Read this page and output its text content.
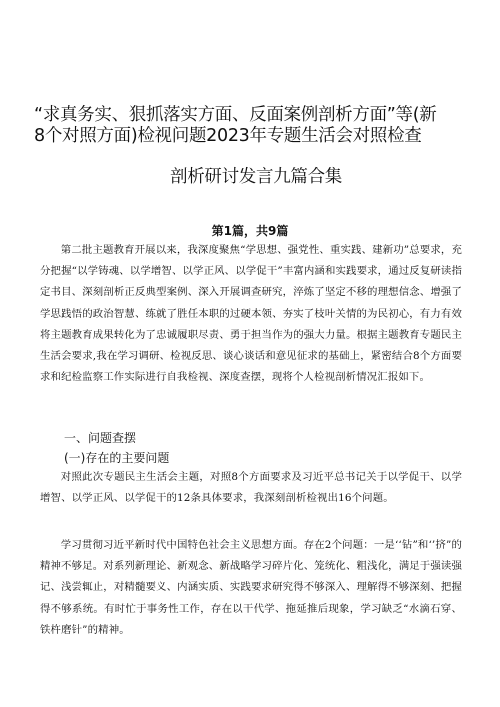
“求真务实、狠抓落实方面、反面案例剖析方面”等(新
8个对照方面)检视问题2023年专题生活会对照检查
剖析研讨发言九篇合集
第1篇，共9篇
第二批主题教育开展以来，我深度聚焦“学思想、强党性、重实践、建新功”总要求，充分把握“以学铸魂、以学增智、以学正风、以学促干”丰富内涵和实践要求，通过反复研读指定书目、深刻剖析正反典型案例、深入开展调查研究，淬炼了坚定不移的理想信念、增强了学思践悟的政治智慧、练就了胜任本职的过硬本领、夯实了枝叶关情的为民初心，有力有效将主题教育成果转化为了忠诚履职尽责、勇于担当作为的强大力量。根据主题教育专题民主生活会要求,我在学习调研、检视反思、谈心谈话和意见征求的基础上，紧密结合8个方面要求和纪检监察工作实际进行自我检视、深度查摆，现将个人检视剖析情况汇报如下。
一、问题查摆
(一)存在的主要问题
对照此次专题民主生活会主题，对照8个方面要求及习近平总书记关于以学促干、以学增智、以学正风、以学促干的12条具体要求，我深刻剖析检视出16个问题。
学习贯彻习近平新时代中国特色社会主义思想方面。存在2个问题：一是‘‘钻”和‘’挤”的精神不够足。对系列新理论、新观念、新战略学习碎片化、笼统化、粗浅化，满足于强读强记、浅尝辄止，对精髓要义、内涵实质、实践要求研究得不够深入、理解得不够深刻、把握得不够系统。有时忙于事务性工作，存在以干代学、拖延推后现象，学习缺乏“水滴石穿、铁杵磨针”的精神。
